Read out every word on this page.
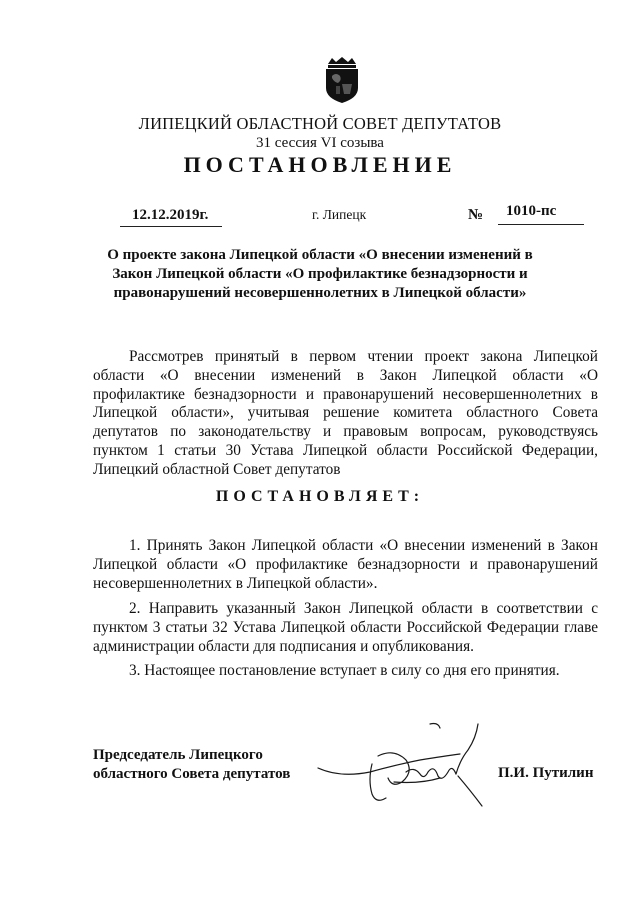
ЛИПЕЦКИЙ ОБЛАСТНОЙ СОВЕТ ДЕПУТАТОВ
31 сессия VI созыва
ПОСТАНОВЛЕНИЕ
12.12.2019г.	г. Липецк	№ 1010-пс
О проекте закона Липецкой области «О внесении изменений в Закон Липецкой области «О профилактике безнадзорности и правонарушений несовершеннолетних в Липецкой области»

Рассмотрев принятый в первом чтении проект закона Липецкой области «О внесении изменений в Закон Липецкой области «О профилактике безнадзорности и правонарушений несовершеннолетних в Липецкой области», учитывая решение комитета областного Совета депутатов по законодательству и правовым вопросам, руководствуясь пунктом 1 статьи 30 Устава Липецкой области Российской Федерации, Липецкий областной Совет депутатов

ПОСТАНОВЛЯЕТ:

1. Принять Закон Липецкой области «О внесении изменений в Закон Липецкой области «О профилактике безнадзорности и правонарушений несовершеннолетних в Липецкой области».

2. Направить указанный Закон Липецкой области в соответствии с пунктом 3 статьи 32 Устава Липецкой области Российской Федерации главе администрации области для подписания и опубликования.

3. Настоящее постановление вступает в силу со дня его принятия.

Председатель Липецкого
областного Совета депутатов	П.И. Путилин
